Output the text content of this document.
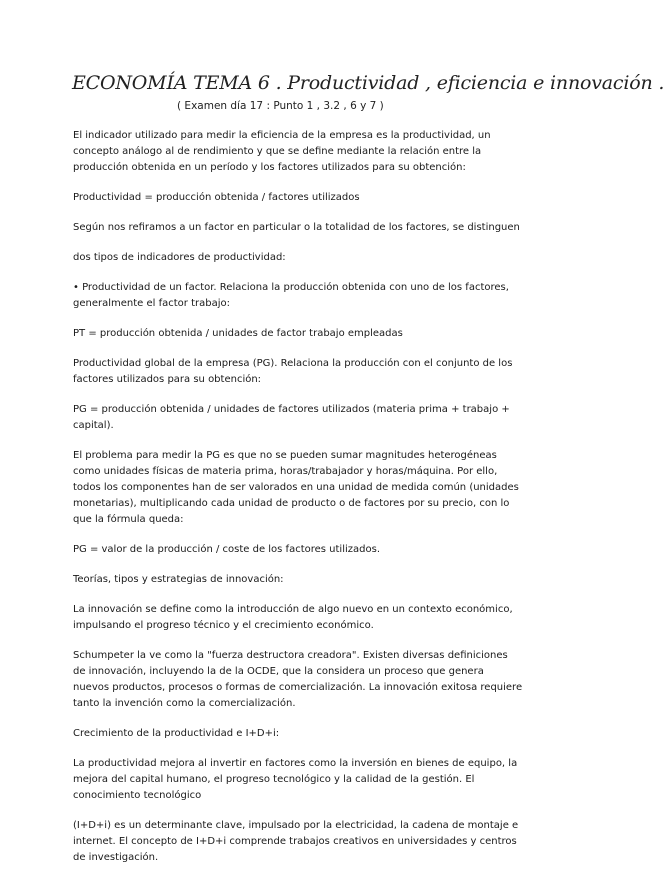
ECONOMÍA TEMA 6 . Productividad , eficiencia e innovación .
( Examen día 17 : Punto 1 , 3.2 , 6 y 7 )

El indicador utilizado para medir la eficiencia de la empresa es la productividad, un concepto análogo al de rendimiento y que se define mediante la relación entre la producción obtenida en un período y los factores utilizados para su obtención:

Productividad = producción obtenida / factores utilizados

Según nos refiramos a un factor en particular o la totalidad de los factores, se distinguen

dos tipos de indicadores de productividad:

• Productividad de un factor. Relaciona la producción obtenida con uno de los factores, generalmente el factor trabajo:

PT = producción obtenida / unidades de factor trabajo empleadas

Productividad global de la empresa (PG). Relaciona la producción con el conjunto de los factores utilizados para su obtención:

PG = producción obtenida / unidades de factores utilizados (materia prima + trabajo + capital).

El problema para medir la PG es que no se pueden sumar magnitudes heterogéneas como unidades físicas de materia prima, horas/trabajador y horas/máquina. Por ello, todos los componentes han de ser valorados en una unidad de medida común (unidades monetarias), multiplicando cada unidad de producto o de factores por su precio, con lo que la fórmula queda:

PG = valor de la producción / coste de los factores utilizados.

Teorías, tipos y estrategias de innovación:

La innovación se define como la introducción de algo nuevo en un contexto económico, impulsando el progreso técnico y el crecimiento económico.

Schumpeter la ve como la "fuerza destructora creadora". Existen diversas definiciones de innovación, incluyendo la de la OCDE, que la considera un proceso que genera nuevos productos, procesos o formas de comercialización. La innovación exitosa requiere tanto la invención como la comercialización.

Crecimiento de la productividad e I+D+i:

La productividad mejora al invertir en factores como la inversión en bienes de equipo, la mejora del capital humano, el progreso tecnológico y la calidad de la gestión. El conocimiento tecnológico

(I+D+i) es un determinante clave, impulsado por la electricidad, la cadena de montaje e internet. El concepto de I+D+i comprende trabajos creativos en universidades y centros de investigación.
